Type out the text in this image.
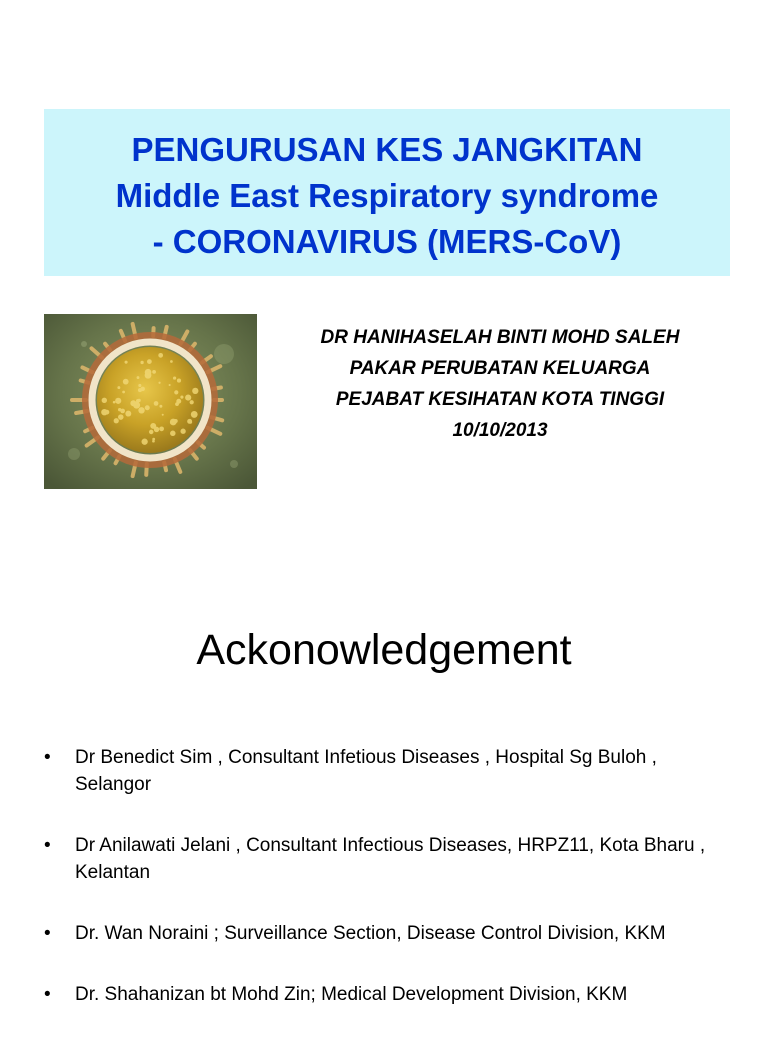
PENGURUSAN KES JANGKITAN
Middle East Respiratory syndrome
- CORONAVIRUS (MERS-CoV)
DR HANIHASELAH BINTI MOHD SALEH
PAKAR PERUBATAN KELUARGA
PEJABAT KESIHATAN KOTA TINGGI
10/10/2013
Ackonowledgement
• Dr Benedict Sim , Consultant Infetious Diseases , Hospital Sg Buloh , Selangor
• Dr Anilawati Jelani , Consultant Infectious Diseases, HRPZ11, Kota Bharu , Kelantan
• Dr. Wan Noraini ; Surveillance Section, Disease Control Division, KKM
• Dr. Shahanizan bt Mohd Zin; Medical Development Division, KKM
